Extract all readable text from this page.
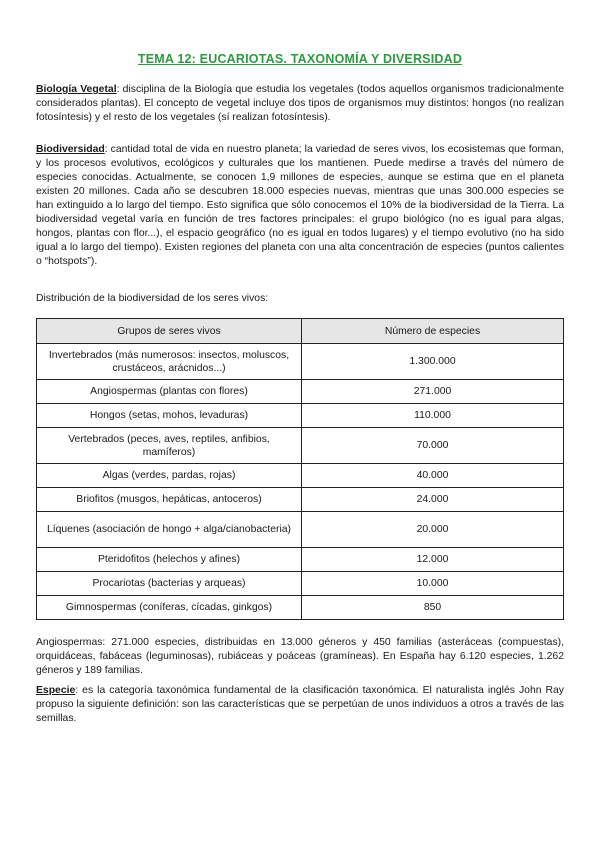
TEMA 12: EUCARIOTAS. TAXONOMÍA Y DIVERSIDAD

Biología Vegetal: disciplina de la Biología que estudia los vegetales (todos aquellos organismos tradicionalmente considerados plantas). El concepto de vegetal incluye dos tipos de organismos muy distintos: hongos (no realizan fotosíntesis) y el resto de los vegetales (sí realizan fotosíntesis).

Biodiversidad: cantidad total de vida en nuestro planeta; la variedad de seres vivos, los ecosistemas que forman, y los procesos evolutivos, ecológicos y culturales que los mantienen. Puede medirse a través del número de especies conocidas. Actualmente, se conocen 1,9 millones de especies, aunque se estima que en el planeta existen 20 millones. Cada año se descubren 18.000 especies nuevas, mientras que unas 300.000 especies se han extinguido a lo largo del tiempo. Esto significa que sólo conocemos el 10% de la biodiversidad de la Tierra. La biodiversidad vegetal varía en función de tres factores principales: el grupo biológico (no es igual para algas, hongos, plantas con flor...), el espacio geográfico (no es igual en todos lugares) y el tiempo evolutivo (no ha sido igual a lo largo del tiempo). Existen regiones del planeta con una alta concentración de especies (puntos calientes o “hotspots”).

Distribución de la biodiversidad de los seres vivos:

Grupos de seres vivos	Número de especies
Invertebrados (más numerosos: insectos, moluscos, crustáceos, arácnidos...)	1.300.000
Angiospermas (plantas con flores)	271.000
Hongos (setas, mohos, levaduras)	110.000
Vertebrados (peces, aves, reptiles, anfibios, mamíferos)	70.000
Algas (verdes, pardas, rojas)	40.000
Briofitos (musgos, hepáticas, antoceros)	24.000
Líquenes (asociación de hongo + alga/cianobacteria)	20.000
Pteridofitos (helechos y afines)	12.000
Procariotas (bacterias y arqueas)	10.000
Gimnospermas (coníferas, cícadas, ginkgos)	850

Angiospermas: 271.000 especies, distribuidas en 13.000 géneros y 450 familias (asteráceas (compuestas), orquidáceas, fabáceas (leguminosas), rubiáceas y poáceas (gramíneas). En España hay 6.120 especies, 1.262 géneros y 189 familias.

Especie: es la categoría taxonómica fundamental de la clasificación taxonómica. El naturalista inglés John Ray propuso la siguiente definición: son las características que se perpetúan de unos individuos a otros a través de las semillas.
